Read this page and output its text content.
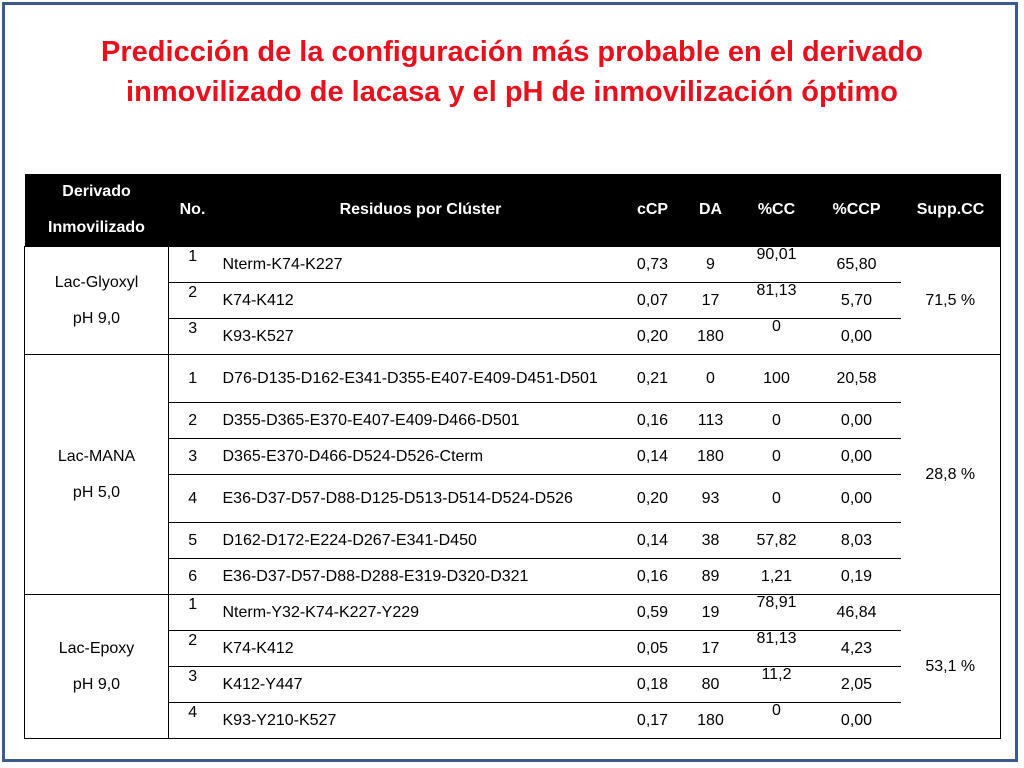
Predicción de la configuración más probable en el derivado
inmovilizado de lacasa y el pH de inmovilización óptimo
Derivado
Inmovilizado	No.	Residuos por Clúster	cCP	DA	%CC	%CCP	Supp.CC

Lac-Glyoxyl
pH 9,0	1	Nterm-K74-K227	0,73	9	90,01	65,80	71,5 %
	2	K74-K412	0,07	17	81,13	5,70	
	3	K93-K527	0,20	180	0	0,00	

Lac-MANA
pH 5,0	1	D76-D135-D162-E341-D355-E407-E409-D451-D501	0,21	0	100	20,58	28,8 %
	2	D355-D365-E370-E407-E409-D466-D501	0,16	113	0	0,00	
	3	D365-E370-D466-D524-D526-Cterm	0,14	180	0	0,00	
	4	E36-D37-D57-D88-D125-D513-D514-D524-D526	0,20	93	0	0,00	
	5	D162-D172-E224-D267-E341-D450	0,14	38	57,82	8,03	
	6	E36-D37-D57-D88-D288-E319-D320-D321	0,16	89	1,21	0,19	

Lac-Epoxy
pH 9,0	1	Nterm-Y32-K74-K227-Y229	0,59	19	78,91	46,84	53,1 %
	2	K74-K412	0,05	17	81,13	4,23	
	3	K412-Y447	0,18	80	11,2	2,05	
	4	K93-Y210-K527	0,17	180	0	0,00	
